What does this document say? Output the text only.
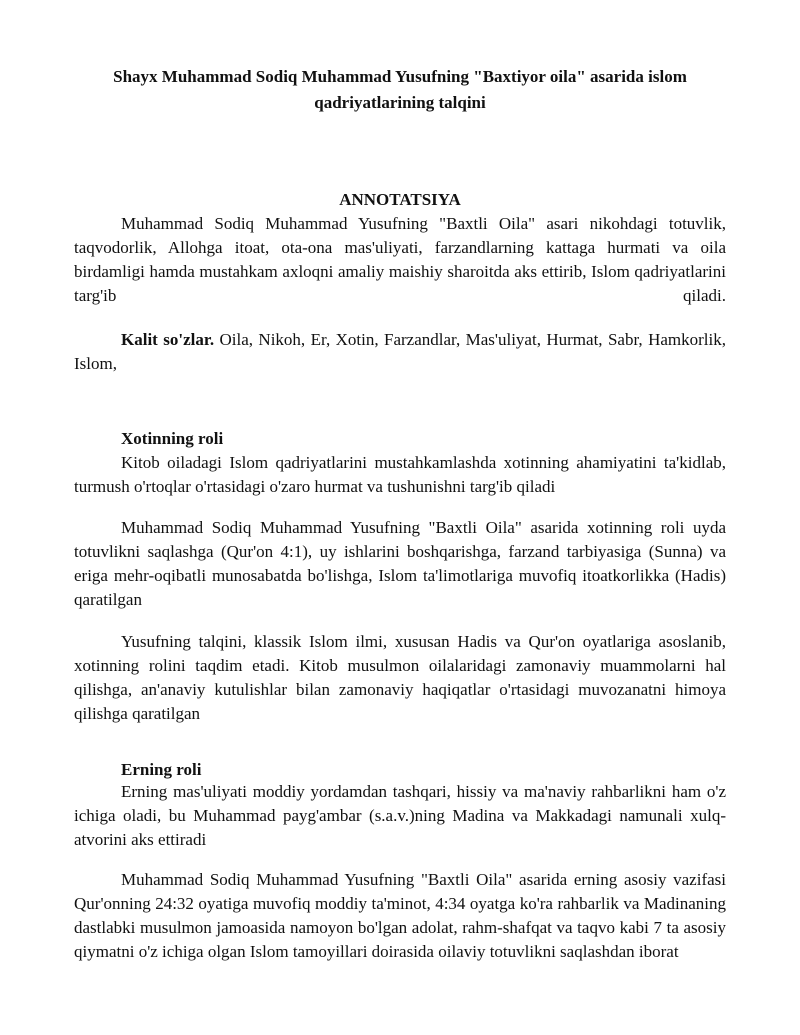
Shayx Muhammad Sodiq Muhammad Yusufning "Baxtiyor oila" asarida islom qadriyatlarining talqini
ANNOTATSIYA

Muhammad Sodiq Muhammad Yusufning "Baxtli Oila" asari nikohdagi totuvlik, taqvodorlik, Allohga itoat, ota-ona mas'uliyati, farzandlarning kattaga hurmati va oila birdamligi hamda mustahkam axloqni amaliy maishiy sharoitda aks ettirib, Islom qadriyatlarini targ'ib qiladi.

Kalit so'zlar. Oila, Nikoh, Er, Xotin, Farzandlar, Mas'uliyat, Hurmat, Sabr, Hamkorlik, Islom,

Xotinning roli

Kitob oiladagi Islom qadriyatlarini mustahkamlashda xotinning ahamiyatini ta'kidlab, turmush o'rtoqlar o'rtasidagi o'zaro hurmat va tushunishni targ'ib qiladi

Muhammad Sodiq Muhammad Yusufning "Baxtli Oila" asarida xotinning roli uyda totuvlikni saqlashga (Qur'on 4:1), uy ishlarini boshqarishga, farzand tarbiyasiga (Sunna) va eriga mehr-oqibatli munosabatda bo'lishga, Islom ta'limotlariga muvofiq itoatkorlikka (Hadis) qaratilgan

Yusufning talqini, klassik Islom ilmi, xususan Hadis va Qur'on oyatlariga asoslanib, xotinning rolini taqdim etadi. Kitob musulmon oilalaridagi zamonaviy muammolarni hal qilishga, an'anaviy kutulishlar bilan zamonaviy haqiqatlar o'rtasidagi muvozanatni himoya qilishga qaratilgan

Erning roli

Erning mas'uliyati moddiy yordamdan tashqari, hissiy va ma'naviy rahbarlikni ham o'z ichiga oladi, bu Muhammad payg'ambar (s.a.v.)ning Madina va Makkadagi namunali xulq-atvorini aks ettiradi

Muhammad Sodiq Muhammad Yusufning "Baxtli Oila" asarida erning asosiy vazifasi Qur'onning 24:32 oyatiga muvofiq moddiy ta'minot, 4:34 oyatga ko'ra rahbarlik va Madinaning dastlabki musulmon jamoasida namoyon bo'lgan adolat, rahm-shafqat va taqvo kabi 7 ta asosiy qiymatni o'z ichiga olgan Islom tamoyillari doirasida oilaviy totuvlikni saqlashdan iborat
